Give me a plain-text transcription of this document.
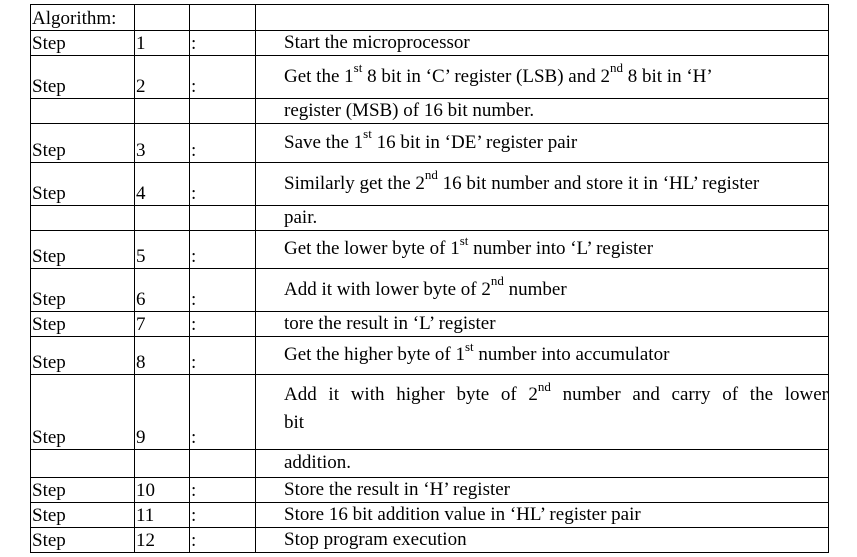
Algorithm:			
Step	1	:	Start the microprocessor
Step	2	:	Get the 1st 8 bit in ‘C’ register (LSB) and 2nd 8 bit in ‘H’
			register (MSB) of 16 bit number.
Step	3	:	Save the 1st 16 bit in ‘DE’ register pair
Step	4	:	Similarly get the 2nd 16 bit number and store it in ‘HL’ register
			pair.
Step	5	:	Get the lower byte of 1st number into ‘L’ register
Step	6	:	Add it with lower byte of 2nd number
Step	7	:	tore the result in ‘L’ register
Step	8	:	Get the higher byte of 1st number into accumulator
Step	9	:	Add it with higher byte of 2nd number and carry of the lower
bit

			addition.
Step	10	:	Store the result in ‘H’ register
Step	11	:	Store 16 bit addition value in ‘HL’ register pair
Step	12	:	Stop program execution
